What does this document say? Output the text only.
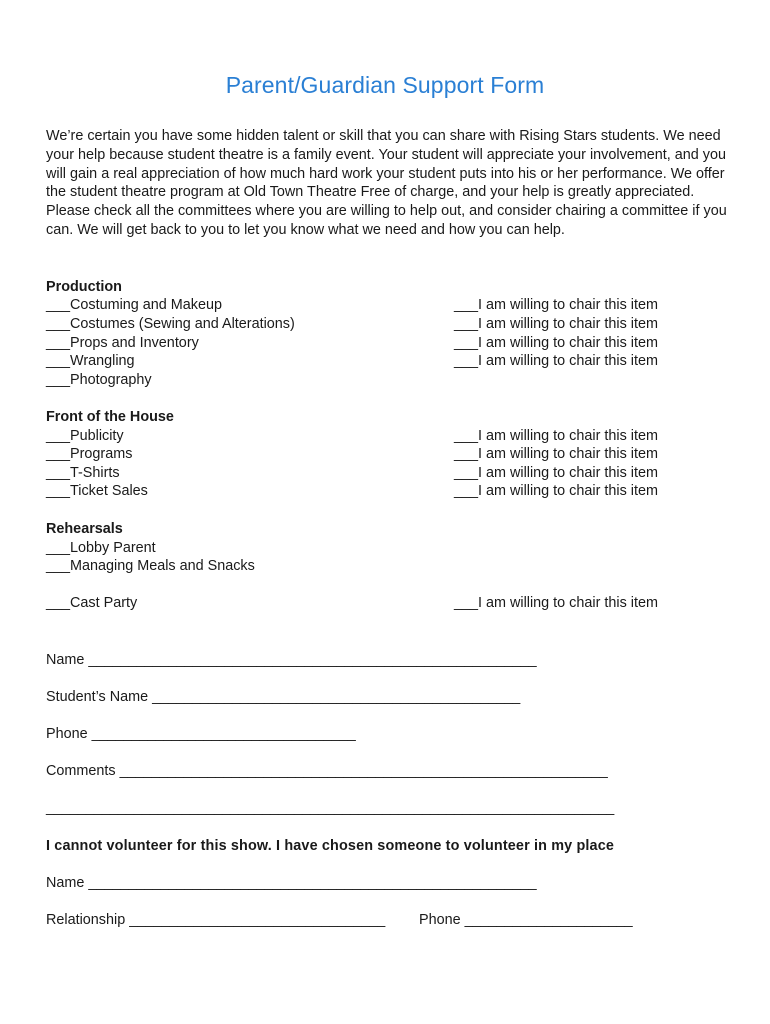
Parent/Guardian Support Form

We’re certain you have some hidden talent or skill that you can share with Rising Stars students. We need your help because student theatre is a family event. Your student will appreciate your involvement, and you will gain a real appreciation of how much hard work your student puts into his or her performance. We offer the student theatre program at Old Town Theatre Free of charge, and your help is greatly appreciated. Please check all the committees where you are willing to help out, and consider chairing a committee if you can. We will get back to you to let you know what we need and how you can help.

Production
___Costuming and Makeup
___Costumes (Sewing and Alterations)
___Props and Inventory
___Wrangling
___Photography
___I am willing to chair this item
___I am willing to chair this item
___I am willing to chair this item
___I am willing to chair this item
Front of the House
___Publicity
___Programs
___T-Shirts
___Ticket Sales
___I am willing to chair this item
___I am willing to chair this item
___I am willing to chair this item
___I am willing to chair this item
Rehearsals
___Lobby Parent
___Managing Meals and Snacks
___Cast Party	___I am willing to chair this item
Name ________________________________________________________
Student’s Name ______________________________________________
Phone _________________________________
Comments _____________________________________________________________
_______________________________________________________________________
I cannot volunteer for this show. I have chosen someone to volunteer in my place
Name ________________________________________________________
Relationship ________________________________ Phone _____________________
